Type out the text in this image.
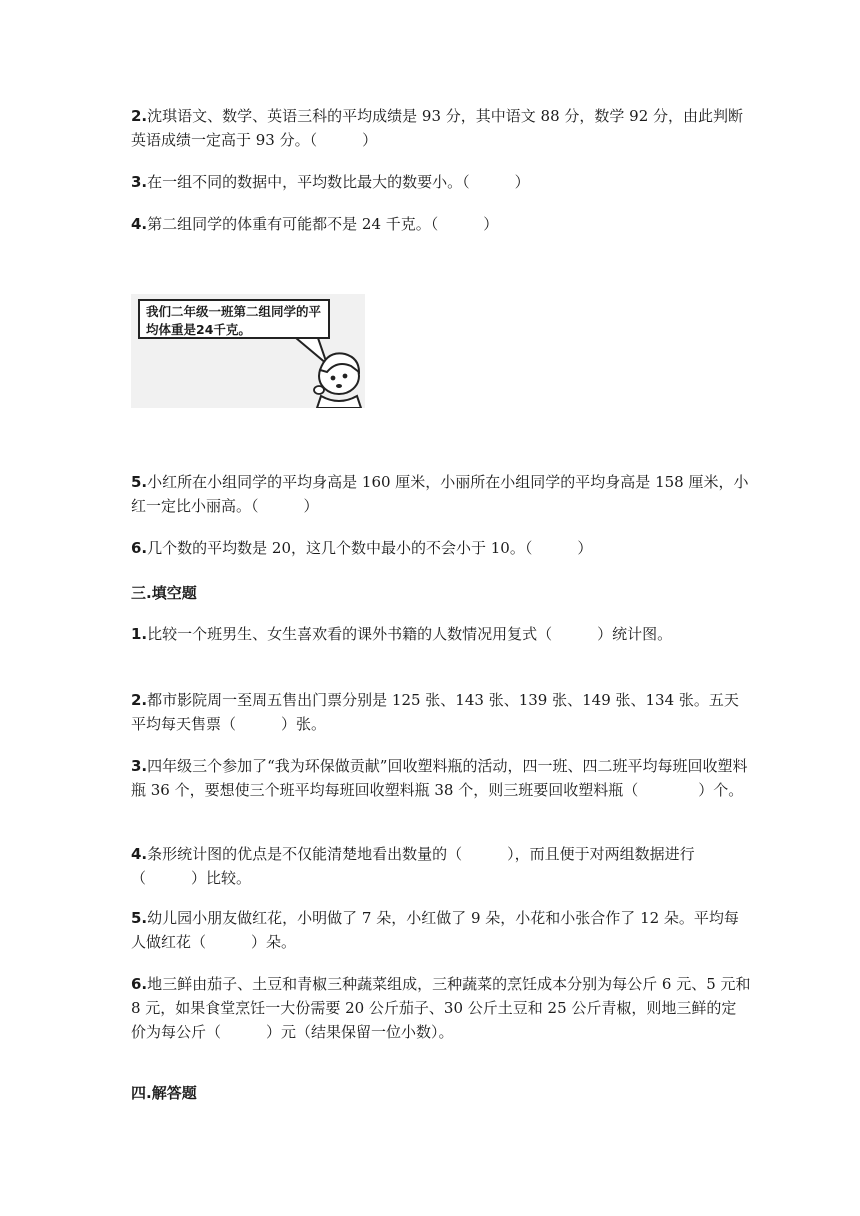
2.沈琪语文、数学、英语三科的平均成绩是 93 分，其中语文 88 分，数学 92 分，由此判断英语成绩一定高于 93 分。（　　　）
3.在一组不同的数据中，平均数比最大的数要小。（　　　）
4.第二组同学的体重有可能都不是 24 千克。（　　　）
我们二年级一班第二组同学的平均体重是24千克。
5.小红所在小组同学的平均身高是 160 厘米，小丽所在小组同学的平均身高是 158 厘米，小红一定比小丽高。（　　　）
6.几个数的平均数是 20，这几个数中最小的不会小于 10。（　　　）
三.填空题
1.比较一个班男生、女生喜欢看的课外书籍的人数情况用复式（　　　）统计图。
2.都市影院周一至周五售出门票分别是 125 张、143 张、139 张、149 张、134 张。五天平均每天售票（　　　）张。
3.四年级三个参加了“我为环保做贡献”回收塑料瓶的活动，四一班、四二班平均每班回收塑料瓶 36 个，要想使三个班平均每班回收塑料瓶 38 个，则三班要回收塑料瓶（　　　　）个。
4.条形统计图的优点是不仅能清楚地看出数量的（　　　），而且便于对两组数据进行（　　　）比较。
5.幼儿园小朋友做红花，小明做了 7 朵，小红做了 9 朵，小花和小张合作了 12 朵。平均每人做红花（　　　）朵。
6.地三鲜由茄子、土豆和青椒三种蔬菜组成，三种蔬菜的烹饪成本分别为每公斤 6 元、5 元和 8 元，如果食堂烹饪一大份需要 20 公斤茄子、30 公斤土豆和 25 公斤青椒，则地三鲜的定价为每公斤（　　　）元（结果保留一位小数）。
四.解答题
